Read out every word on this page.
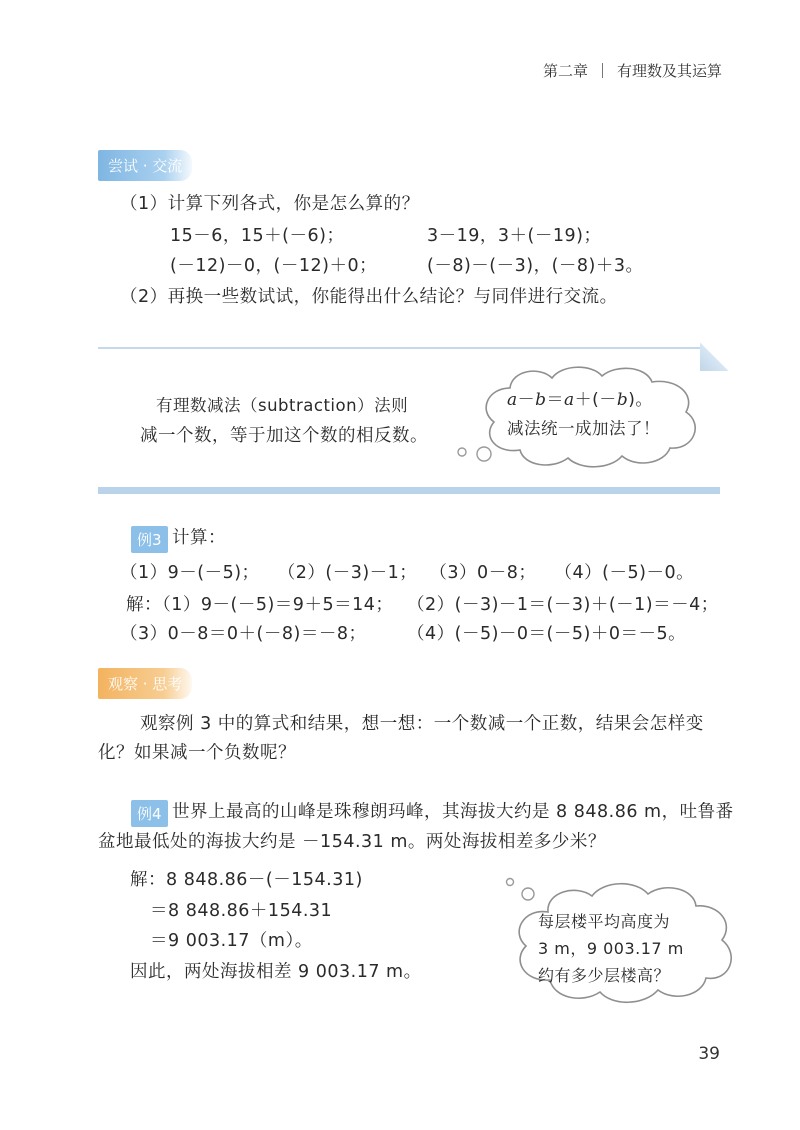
第二章 有理数及其运算
尝试 · 交流
（1）计算下列各式，你是怎么算的？
15－6，15＋(－6)；	3－19，3＋(－19)；
(－12)－0，(－12)＋0；	(－8)－(－3)，(－8)＋3。
（2）再换一些数试试，你能得出什么结论？与同伴进行交流。
有理数减法（subtraction）法则
减一个数，等于加这个数的相反数。
a－b＝a＋(－b)。
减法统一成加法了！
例3 计算：
（1）9－(－5)；   （2）(－3)－1；  （3）0－8；   （4）(－5)－0。
解：（1）9－(－5)＝9＋5＝14； （2）(－3)－1＝(－3)＋(－1)＝－4；
（3）0－8＝0＋(－8)＝－8； （4）(－5)－0＝(－5)＋0＝－5。
观察 · 思考
观察例 3 中的算式和结果，想一想：一个数减一个正数，结果会怎样变
化？如果减一个负数呢？
例4 世界上最高的山峰是珠穆朗玛峰，其海拔大约是 8 848.86 m，吐鲁番
盆地最低处的海拔大约是 －154.31 m。两处海拔相差多少米？
解：8 848.86－(－154.31)
＝8 848.86＋154.31
＝9 003.17（m）。
因此，两处海拔相差 9 003.17 m。
每层楼平均高度为
3 m，9 003.17 m
约有多少层楼高？
39
